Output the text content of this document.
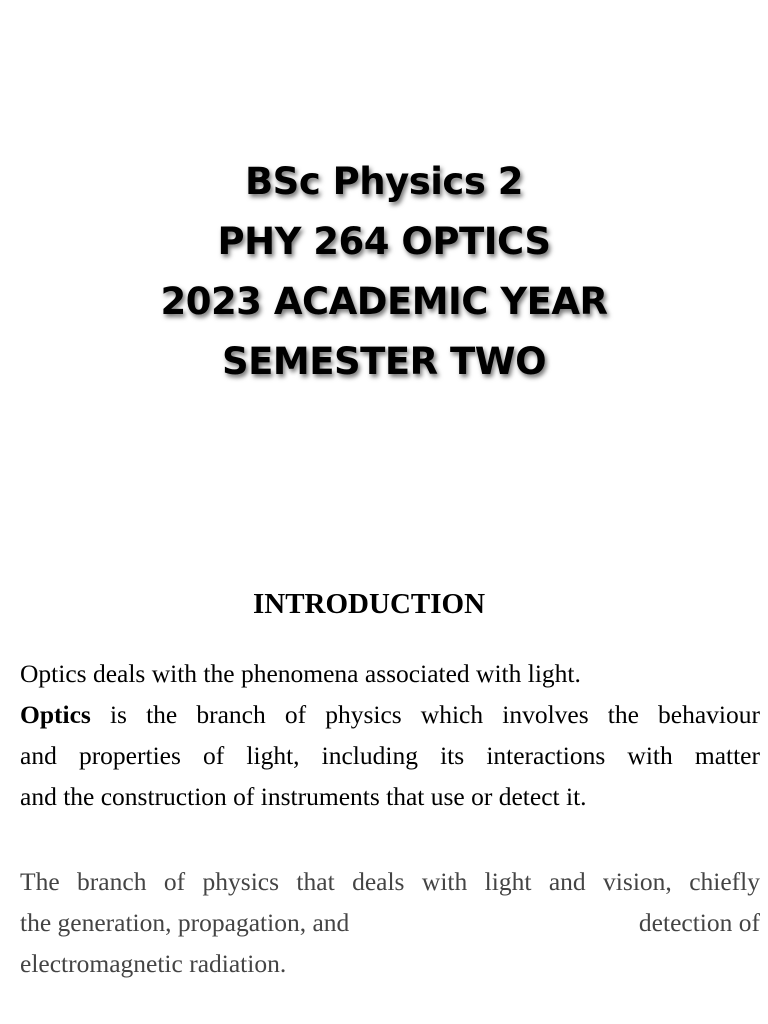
BSc Physics 2
PHY 264 OPTICS
2023 ACADEMIC YEAR
SEMESTER TWO
INTRODUCTION
Optics deals with the phenomena associated with light.
Optics is the branch of physics which involves the behaviour
and properties of light, including its interactions with matter
and the construction of instruments that use or detect it.
The branch of physics that deals with light and vision, chiefly
the generation, propagation, and	detection of
electromagnetic radiation.
